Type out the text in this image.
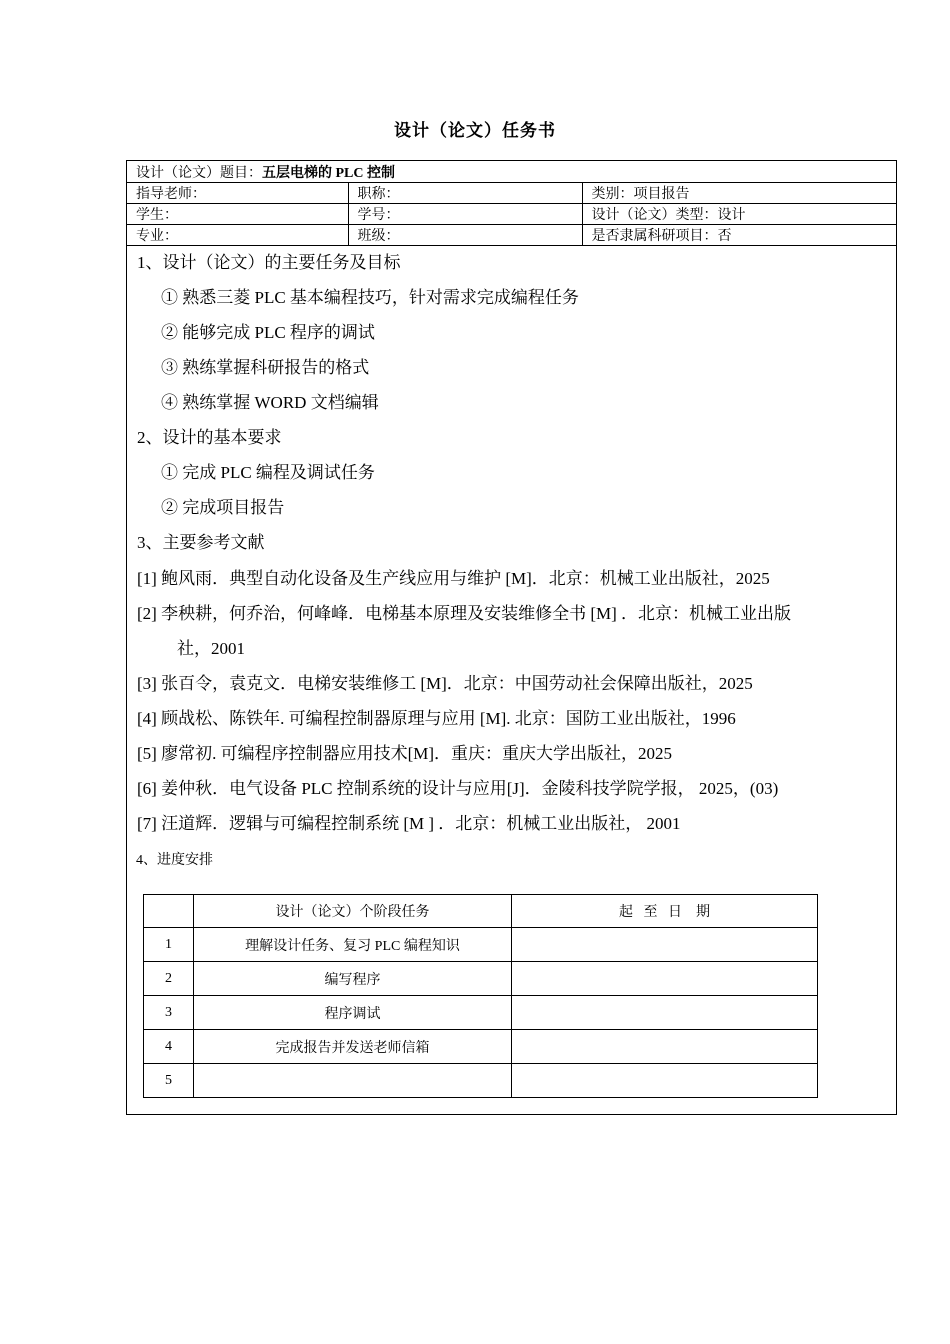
设计（论文）任务书
设计（论文）题目：五层电梯的 PLC 控制		
指导老师：	职称：	类别：项目报告
学生：	学号：	设计（论文）类型：设计
专业：	班级：	是否隶属科研项目：否
1、设计（论文）的主要任务及目标
① 熟悉三菱 PLC 基本编程技巧，针对需求完成编程任务
② 能够完成 PLC 程序的调试
③ 熟练掌握科研报告的格式
④ 熟练掌握 WORD 文档编辑
2、设计的基本要求
① 完成 PLC 编程及调试任务
② 完成项目报告
3、主要参考文献
[1] 鲍风雨．典型自动化设备及生产线应用与维护 [M]．北京：机械工业出版社，2025
[2] 李秧耕，何乔治，何峰峰．电梯基本原理及安装维修全书 [M] ．北京：机械工业出版
社，2001
[3] 张百令，袁克文．电梯安装维修工 [M]．北京：中国劳动社会保障出版社，2025
[4] 顾战松、陈铁年. 可编程控制器原理与应用 [M]. 北京：国防工业出版社，1996
[5] 廖常初. 可编程序控制器应用技术[M]．重庆：重庆大学出版社，2025
[6] 姜仲秋．电气设备 PLC 控制系统的设计与应用[J]．金陵科技学院学报， 2025，(03)
[7] 汪道辉．逻辑与可编程控制系统 [M ] ．北京：机械工业出版社， 2001
4、进度安排
	设计（论文）个阶段任务	起   至   日    期
1	理解设计任务、复习 PLC 编程知识	
2	编写程序	
3	程序调试	
4	完成报告并发送老师信箱	
5		
